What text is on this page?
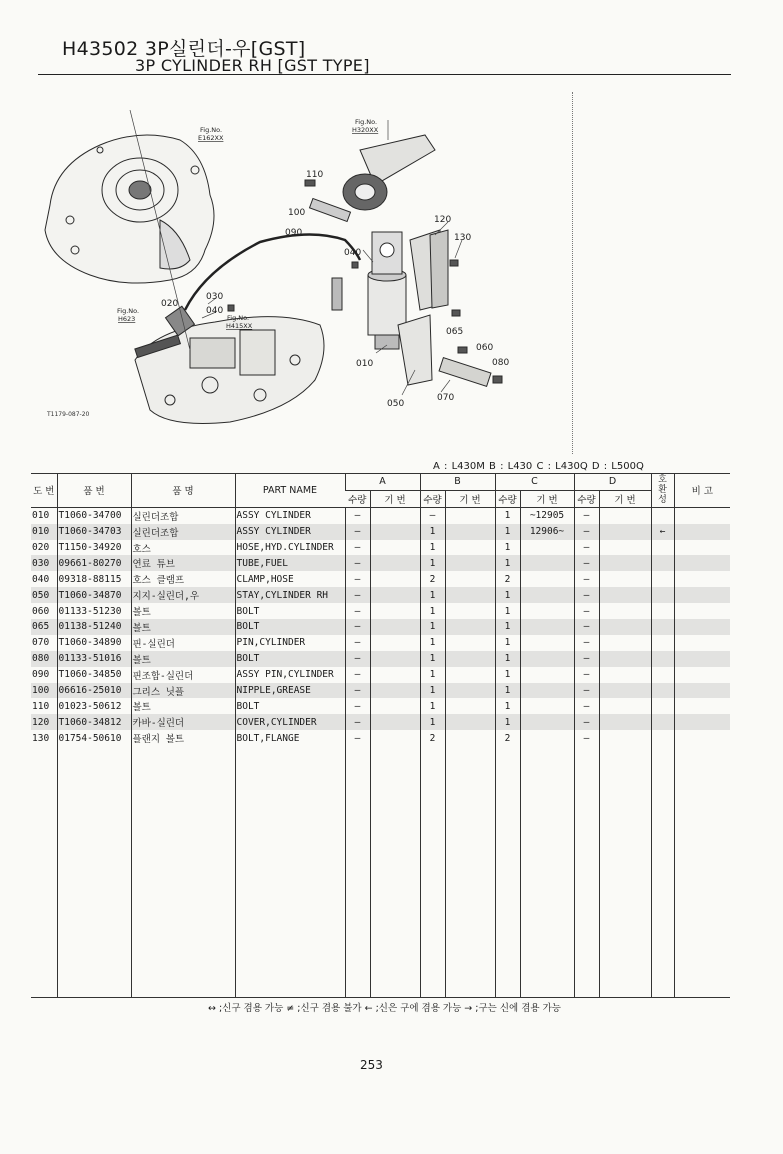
H43502 3P실린더-우[GST]
3P CYLINDER RH [GST TYPE]
Fig.No. E162XX
Fig.No. H320XX
Fig.No. H623	Fig.No. H415XX
110
100
090
120
130
040
030
040
020
065
060
080
010
070
050
T1179-087-20
A : L430M B : L430 C : L430Q D : L500Q
도 번	품 번	품 명	PART NAME	A		B		C		D		호 환 성	비 고
				수량	기 번	수량	기 번	수량	기 번	수량	기 번		
010	T1060-34700	실린더조합	ASSY CYLINDER	–		–		1	~12905	–			
010	T1060-34703	실린더조합	ASSY CYLINDER	–		1		1	12906~	–		←	
020	T1150-34920	호스	HOSE,HYD.CYLINDER	–		1		1		–			
030	09661-80270	연료 튜브	TUBE,FUEL	–		1		1		–			
040	09318-88115	호스 클램프	CLAMP,HOSE	–		2		2		–			
050	T1060-34870	지지-실린더,우	STAY,CYLINDER RH	–		1		1		–			
060	01133-51230	볼트	BOLT	–		1		1		–			
065	01138-51240	볼트	BOLT	–		1		1		–			
070	T1060-34890	핀-실린더	PIN,CYLINDER	–		1		1		–			
080	01133-51016	볼트	BOLT	–		1		1		–			
090	T1060-34850	핀조합-실린더	ASSY PIN,CYLINDER	–		1		1		–			
100	06616-25010	그리스 닛플	NIPPLE,GREASE	–		1		1		–			
110	01023-50612	볼트	BOLT	–		1		1		–			
120	T1060-34812	카바-실린더	COVER,CYLINDER	–		1		1		–			
130	01754-50610	플랜지 볼트	BOLT,FLANGE	–		2		2		–			

↔ ;신구 겸용 가능 ≠ ;신구 겸용 불가 ← ;신은 구에 겸용 가능 → ;구는 신에 겸용 가능
253
